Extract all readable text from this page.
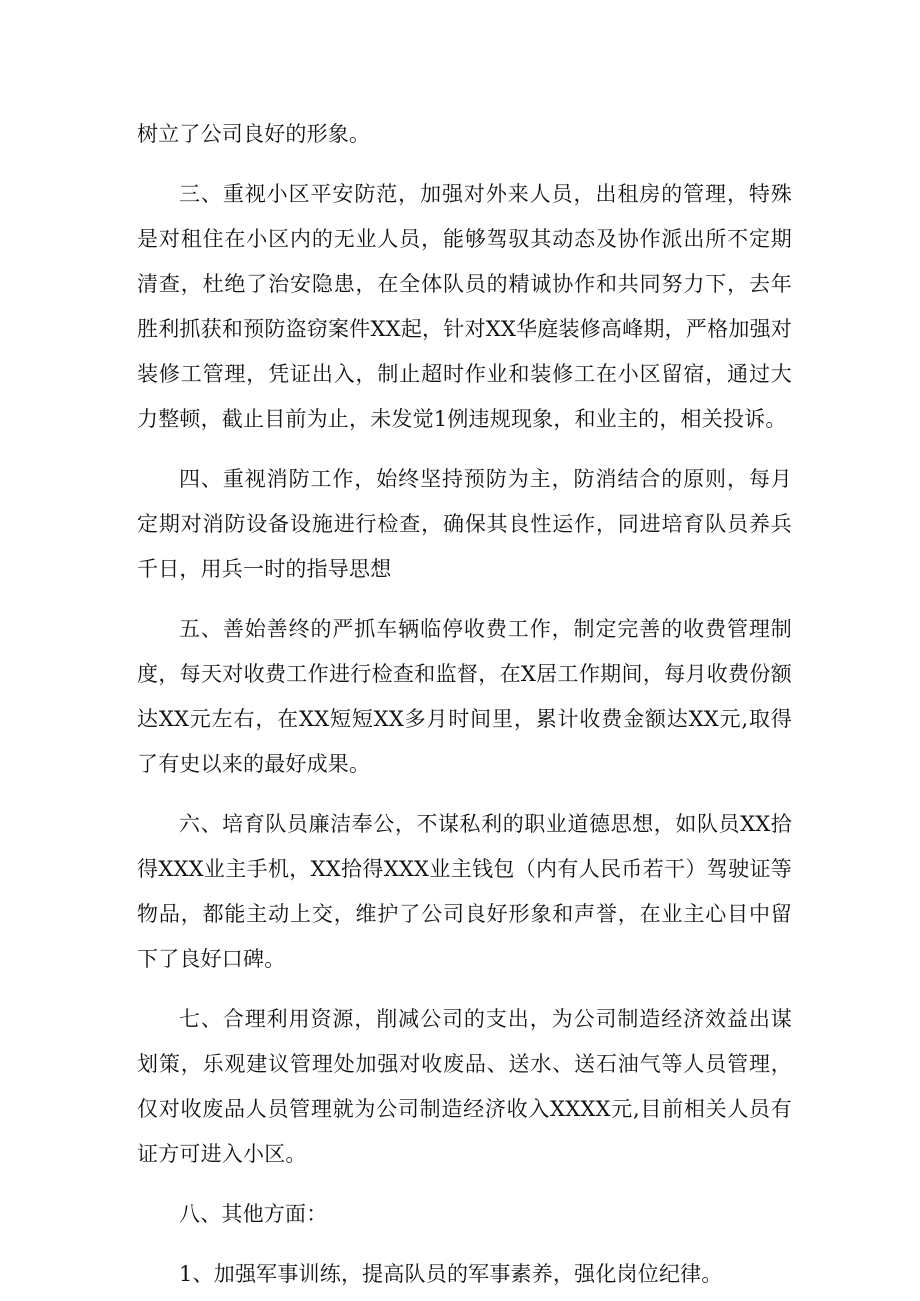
树立了公司良好的形象。

三、重视小区平安防范，加强对外来人员，出租房的管理，特殊是对租住在小区内的无业人员，能够驾驭其动态及协作派出所不定期清查，杜绝了治安隐患，在全体队员的精诚协作和共同努力下，去年胜利抓获和预防盗窃案件XX起，针对XX华庭装修高峰期，严格加强对装修工管理，凭证出入，制止超时作业和装修工在小区留宿，通过大力整顿，截止目前为止，未发觉1例违规现象，和业主的，相关投诉。

四、重视消防工作，始终坚持预防为主，防消结合的原则，每月定期对消防设备设施进行检查，确保其良性运作，同进培育队员养兵千日，用兵一时的指导思想

五、善始善终的严抓车辆临停收费工作，制定完善的收费管理制度，每天对收费工作进行检查和监督，在X居工作期间，每月收费份额达XX元左右，在XX短短XX多月时间里，累计收费金额达XX元,取得了有史以来的最好成果。

六、培育队员廉洁奉公，不谋私利的职业道德思想，如队员XX拾得XXX业主手机，XX拾得XXX业主钱包（内有人民币若干）驾驶证等物品，都能主动上交，维护了公司良好形象和声誉，在业主心目中留下了良好口碑。

七、合理利用资源，削减公司的支出，为公司制造经济效益出谋划策，乐观建议管理处加强对收废品、送水、送石油气等人员管理，仅对收废品人员管理就为公司制造经济收入XXXX元,目前相关人员有证方可进入小区。

八、其他方面：

1、加强军事训练，提高队员的军事素养，强化岗位纪律。
